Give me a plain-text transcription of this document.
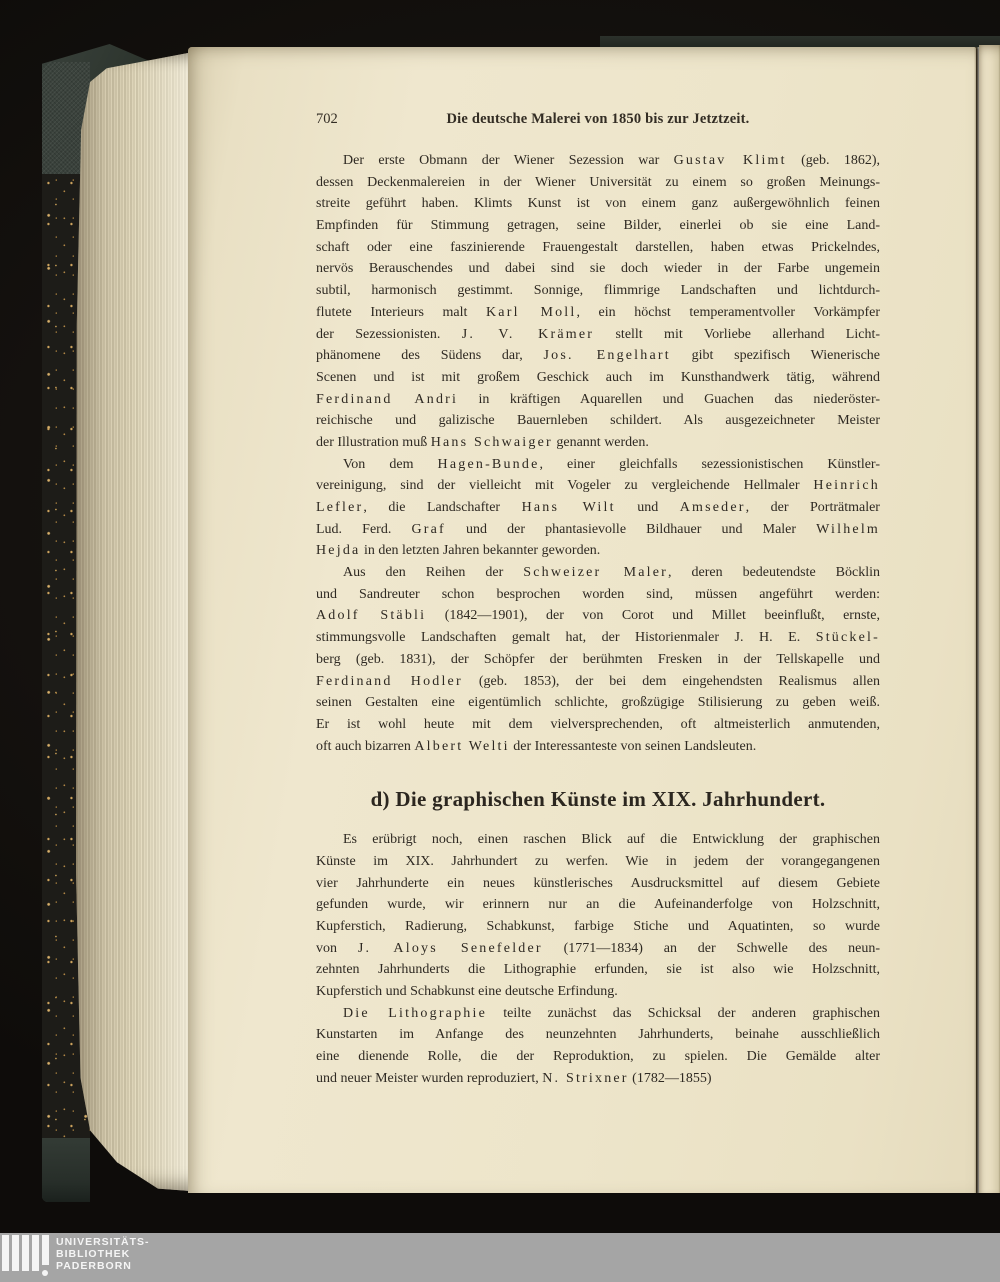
702	Die deutsche Malerei von 1850 bis zur Jetztzeit.
Der erste Obmann der Wiener Sezession war Gustav Klimt (geb. 1862),
dessen Deckenmalereien in der Wiener Universität zu einem so großen Meinungs-
streite geführt haben. Klimts Kunst ist von einem ganz außergewöhnlich feinen
Empfinden für Stimmung getragen, seine Bilder, einerlei ob sie eine Land-
schaft oder eine faszinierende Frauengestalt darstellen, haben etwas Prickelndes,
nervös Berauschendes und dabei sind sie doch wieder in der Farbe ungemein
subtil, harmonisch gestimmt. Sonnige, flimmrige Landschaften und lichtdurch-
flutete Interieurs malt Karl Moll, ein höchst temperamentvoller Vorkämpfer
der Sezessionisten. J. V. Krämer stellt mit Vorliebe allerhand Licht-
phänomene des Südens dar, Jos. Engelhart gibt spezifisch Wienerische
Scenen und ist mit großem Geschick auch im Kunsthandwerk tätig, während
Ferdinand Andri in kräftigen Aquarellen und Guachen das niederöster-
reichische und galizische Bauernleben schildert. Als ausgezeichneter Meister
der Illustration muß Hans Schwaiger genannt werden.
Von dem Hagen-Bunde, einer gleichfalls sezessionistischen Künstler-
vereinigung, sind der vielleicht mit Vogeler zu vergleichende Hellmaler Heinrich
Lefler, die Landschafter Hans Wilt und Amseder, der Porträtmaler
Lud. Ferd. Graf und der phantasievolle Bildhauer und Maler Wilhelm
Hejda in den letzten Jahren bekannter geworden.
Aus den Reihen der Schweizer Maler, deren bedeutendste Böcklin
und Sandreuter schon besprochen worden sind, müssen angeführt werden:
Adolf Stäbli (1842—1901), der von Corot und Millet beeinflußt, ernste,
stimmungsvolle Landschaften gemalt hat, der Historienmaler J. H. E. Stückel-
berg (geb. 1831), der Schöpfer der berühmten Fresken in der Tellskapelle und
Ferdinand Hodler (geb. 1853), der bei dem eingehendsten Realismus allen
seinen Gestalten eine eigentümlich schlichte, großzügige Stilisierung zu geben weiß.
Er ist wohl heute mit dem vielversprechenden, oft altmeisterlich anmutenden,
oft auch bizarren Albert Welti der Interessanteste von seinen Landsleuten.
d) Die graphischen Künste im XIX. Jahrhundert.
Es erübrigt noch, einen raschen Blick auf die Entwicklung der graphischen
Künste im XIX. Jahrhundert zu werfen. Wie in jedem der vorangegangenen
vier Jahrhunderte ein neues künstlerisches Ausdrucksmittel auf diesem Gebiete
gefunden wurde, wir erinnern nur an die Aufeinanderfolge von Holzschnitt,
Kupferstich, Radierung, Schabkunst, farbige Stiche und Aquatinten, so wurde
von J. Aloys Senefelder (1771—1834) an der Schwelle des neun-
zehnten Jahrhunderts die Lithographie erfunden, sie ist also wie Holzschnitt,
Kupferstich und Schabkunst eine deutsche Erfindung.
Die Lithographie teilte zunächst das Schicksal der anderen graphischen
Kunstarten im Anfange des neunzehnten Jahrhunderts, beinahe ausschließlich
eine dienende Rolle, die der Reproduktion, zu spielen. Die Gemälde alter
und neuer Meister wurden reproduziert, N. Strixner (1782—1855)
UNIVERSITÄTS-
BIBLIOTHEK
PADERBORN
